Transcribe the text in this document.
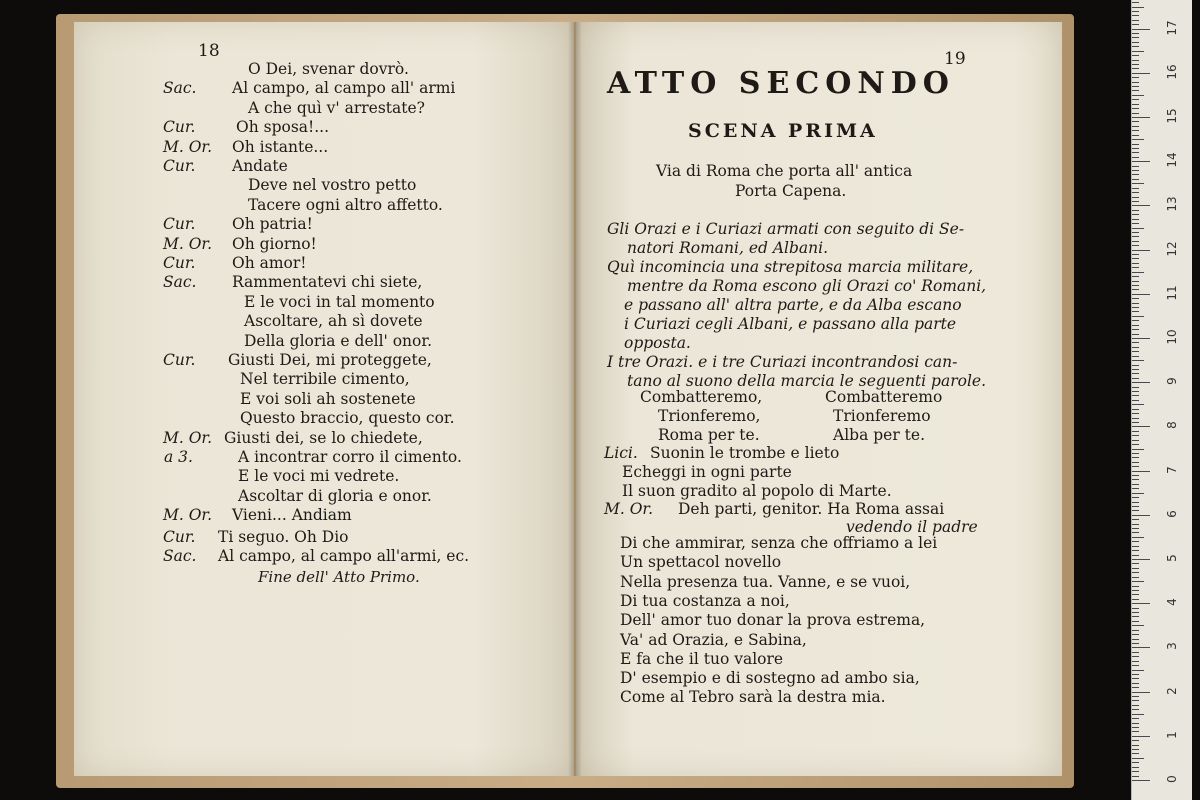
18
O Dei, svenar dovrò.
Sac. Al campo, al campo all' armi
A che quì v' arrestate?
Cur.	Oh sposa!...
M. Or. Oh istante...
Cur. Andate
Deve nel vostro petto
Tacere ogni altro affetto.
Cur. Oh patria!
M. Or. Oh giorno!
Cur. Oh amor!
Sac. Rammentatevi chi siete,
E le voci in tal momento
Ascoltare, ah sì dovete
Della gloria e dell' onor.
Cur. Giusti Dei, mi proteggete,
Nel terribile cimento,
E voi soli ah sostenete
Questo braccio, questo cor.
M. Or. Giusti dei, se lo chiedete,
a 3.	A incontrar corro il cimento.
E le voci mi vedrete.
Ascoltar di gloria e onor.
M. Or. Vieni... Andiam
Cur. Ti seguo. Oh Dio
Sac. Al campo, al campo all'armi, ec.
Fine dell' Atto Primo.
19
ATTO SECONDO
SCENA PRIMA
Via di Roma che porta all' antica
Porta Capena.
Gli Orazi e i Curiazi armati con seguito di Se-
natori Romani, ed Albani.
Quì incomincia una strepitosa marcia militare,
mentre da Roma escono gli Orazi co' Romani,
e passano all' altra parte, e da Alba escano
i Curiazi cegli Albani, e passano alla parte
opposta.
I tre Orazi. e i tre Curiazi incontrandosi can-
tano al suono della marcia le seguenti parole.
Combatteremo,	Combatteremo
Trionferemo,	Trionferemo
Roma per te.	Alba per te.
Lici. Suonin le trombe e lieto
Echeggi in ogni parte
Il suon gradito al popolo di Marte.
M. Or. Deh parti, genitor. Ha Roma assai
vedendo il padre
Di che ammirar, senza che offriamo a lei
Un spettacol novello
Nella presenza tua. Vanne, e se vuoi,
Di tua costanza a noi,
Dell' amor tuo donar la prova estrema,
Va' ad Orazia, e Sabina,
E fa che il tuo valore
D' esempio e di sostegno ad ambo sia,
Come al Tebro sarà la destra mia.
0
1
2
3
4
5
6
7
8
9
10
11
12
13
14
15
16
17
